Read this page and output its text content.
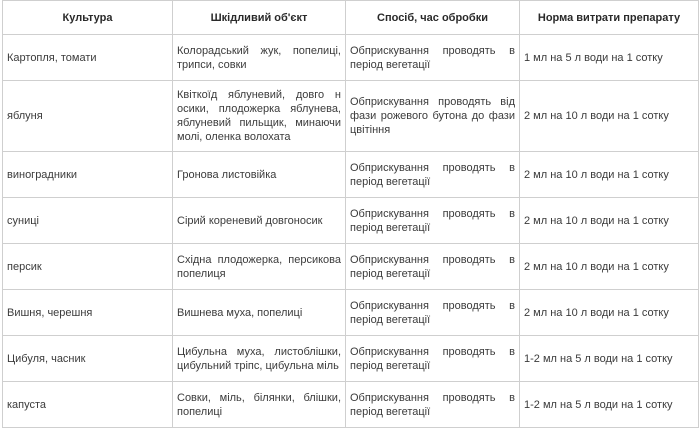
Культура	Шкідливий об'єкт	Спосіб, час обробки	Норма витрати препарату
Картопля, томати	Колорадський жук, попелиці, трипси, совки	Обприскування проводять в період вегетації	1 мл на 5 л води на 1 сотку
яблуня	Квіткоїд яблуневий, довго н осики, плодожерка яблунева, яблуневий пильщик, минаючи молі, оленка волохата	Обприскування проводять від фази рожевого бутона до фази цвітіння	2 мл на 10 л води на 1 сотку
виноградники	Гронова листовійка	Обприскування проводять в період вегетації	2 мл на 10 л води на 1 сотку
суниці	Сірий кореневий довгоносик	Обприскування проводять в період вегетації	2 мл на 10 л води на 1 сотку
персик	Східна плодожерка, персикова попелиця	Обприскування проводять в період вегетації	2 мл на 10 л води на 1 сотку
Вишня, черешня	Вишнева муха, попелиці	Обприскування проводять в період вегетації	2 мл на 10 л води на 1 сотку
Цибуля, часник	Цибульна муха, листоблішки, цибульний тріпс, цибульна міль	Обприскування проводять в період вегетації	1-2 мл на 5 л води на 1 сотку
капуста	Совки, міль, білянки, блішки, попелиці	Обприскування проводять в період вегетації	1-2 мл на 5 л води на 1 сотку
